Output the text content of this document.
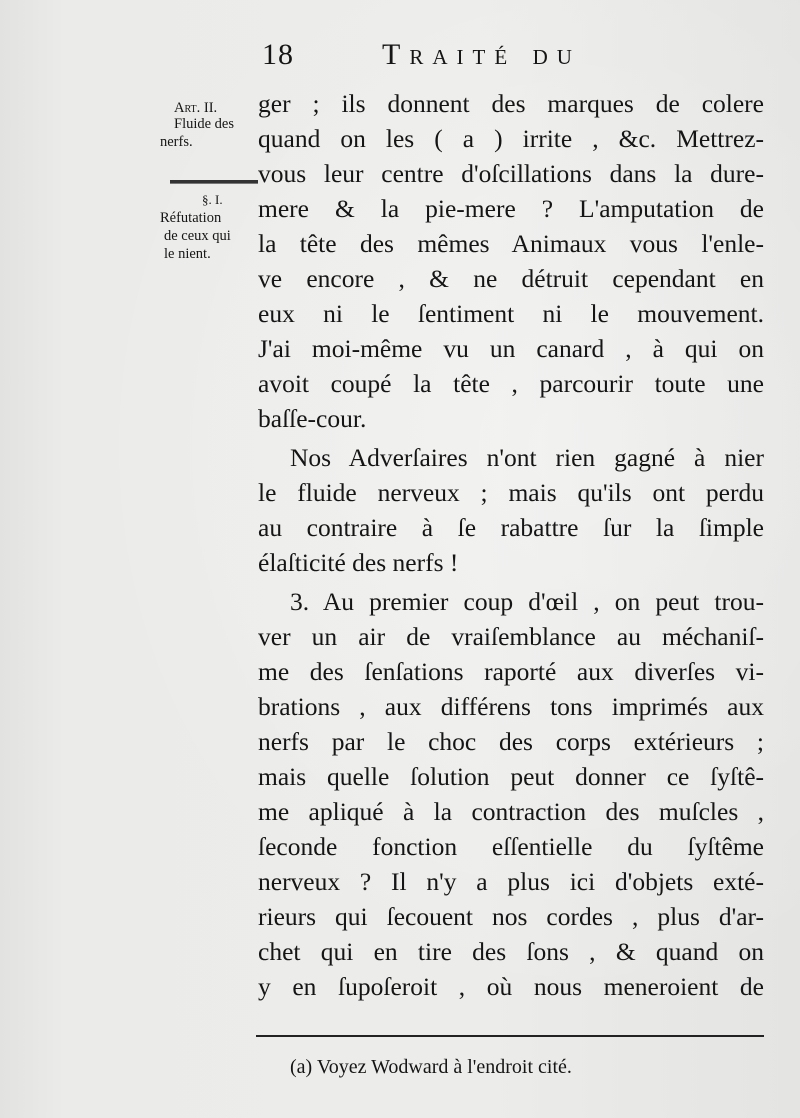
18	Traité du
Art. II.
Fluide des
nerfs.
§. I.
Réfutation
de ceux qui
le nient.
ger ; ils donnent des marques de colere
quand on les ( a ) irrite , &c. Mettrez-
vous leur centre d'oſcillations dans la dure-
mere & la pie-mere ? L'amputation de
la tête des mêmes Animaux vous l'enle-
ve encore , & ne détruit cependant en
eux ni le ſentiment ni le mouvement.
J'ai moi-même vu un canard , à qui on
avoit coupé la tête , parcourir toute une
baſſe-cour.
Nos Adverſaires n'ont rien gagné à nier
le fluide nerveux ; mais qu'ils ont perdu
au contraire à ſe rabattre ſur la ſimple
élaſticité des nerfs !
3. Au premier coup d'œil , on peut trou-
ver un air de vraiſemblance au méchaniſ-
me des ſenſations raporté aux diverſes vi-
brations , aux différens tons imprimés aux
nerfs par le choc des corps extérieurs ;
mais quelle ſolution peut donner ce ſyſtê-
me apliqué à la contraction des muſcles ,
ſeconde fonction eſſentielle du ſyſtême
nerveux ? Il n'y a plus ici d'objets exté-
rieurs qui ſecouent nos cordes , plus d'ar-
chet qui en tire des ſons , & quand on
y en ſupoſeroit , où nous meneroient de
(a) Voyez Wodward à l'endroit cité.
